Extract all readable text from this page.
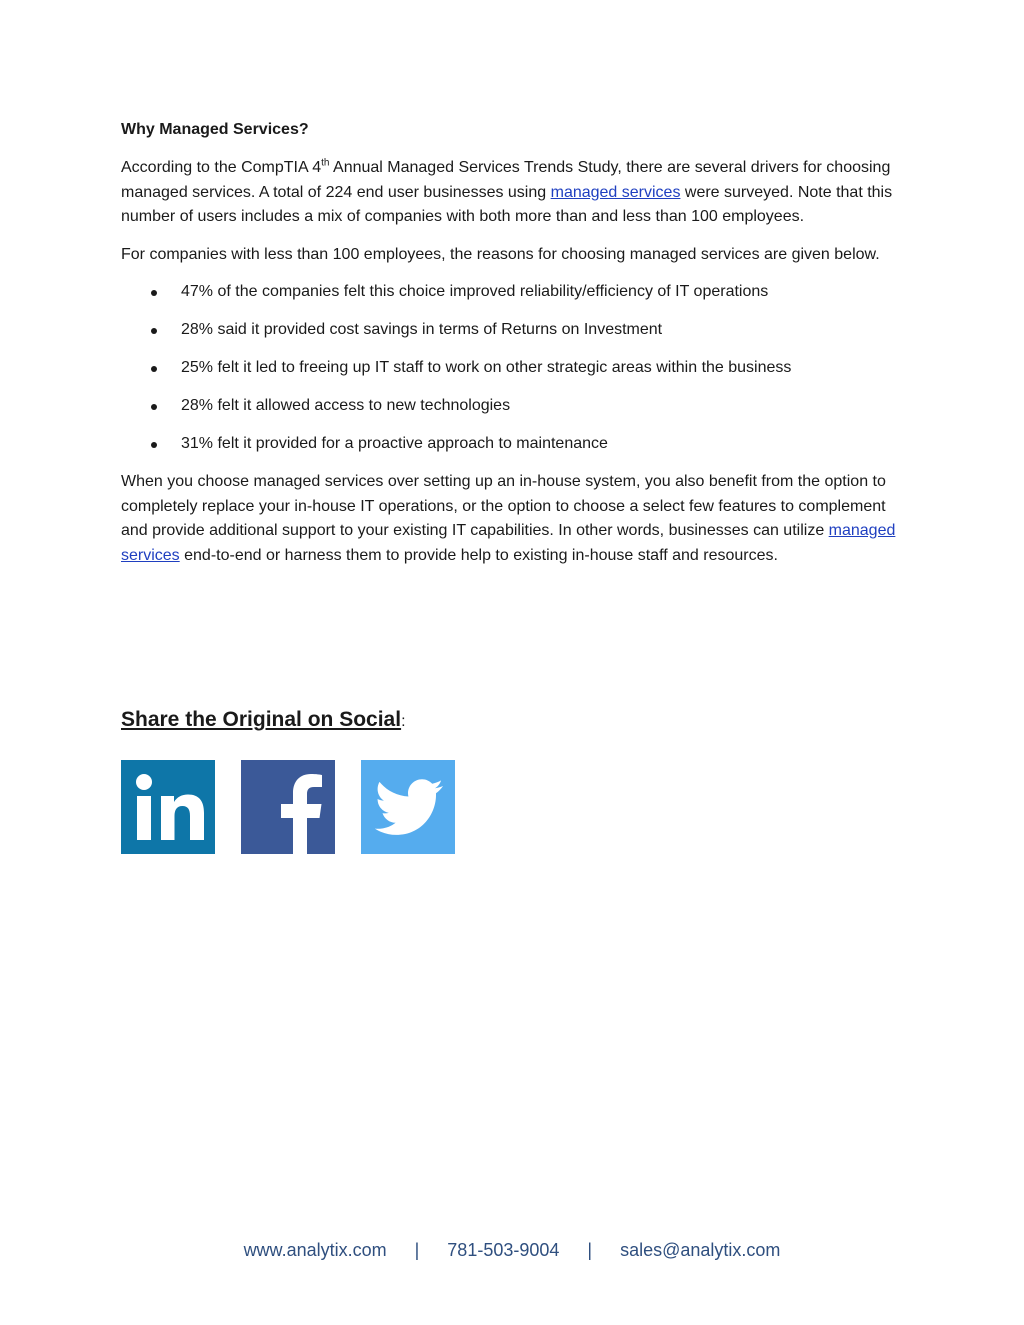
Why Managed Services?

According to the CompTIA 4th Annual Managed Services Trends Study, there are several drivers for choosing managed services. A total of 224 end user businesses using managed services were surveyed. Note that this number of users includes a mix of companies with both more than and less than 100 employees.

For companies with less than 100 employees, the reasons for choosing managed services are given below.

47% of the companies felt this choice improved reliability/efficiency of IT operations
28% said it provided cost savings in terms of Returns on Investment
25% felt it led to freeing up IT staff to work on other strategic areas within the business
28% felt it allowed access to new technologies
31% felt it provided for a proactive approach to maintenance

When you choose managed services over setting up an in-house system, you also benefit from the option to completely replace your in-house IT operations, or the option to choose a select few features to complement and provide additional support to your existing IT capabilities. In other words, businesses can utilize managed services end-to-end or harness them to provide help to existing in-house staff and resources.

Share the Original on Social:
www.analytix.com | 781-503-9004 | sales@analytix.com
